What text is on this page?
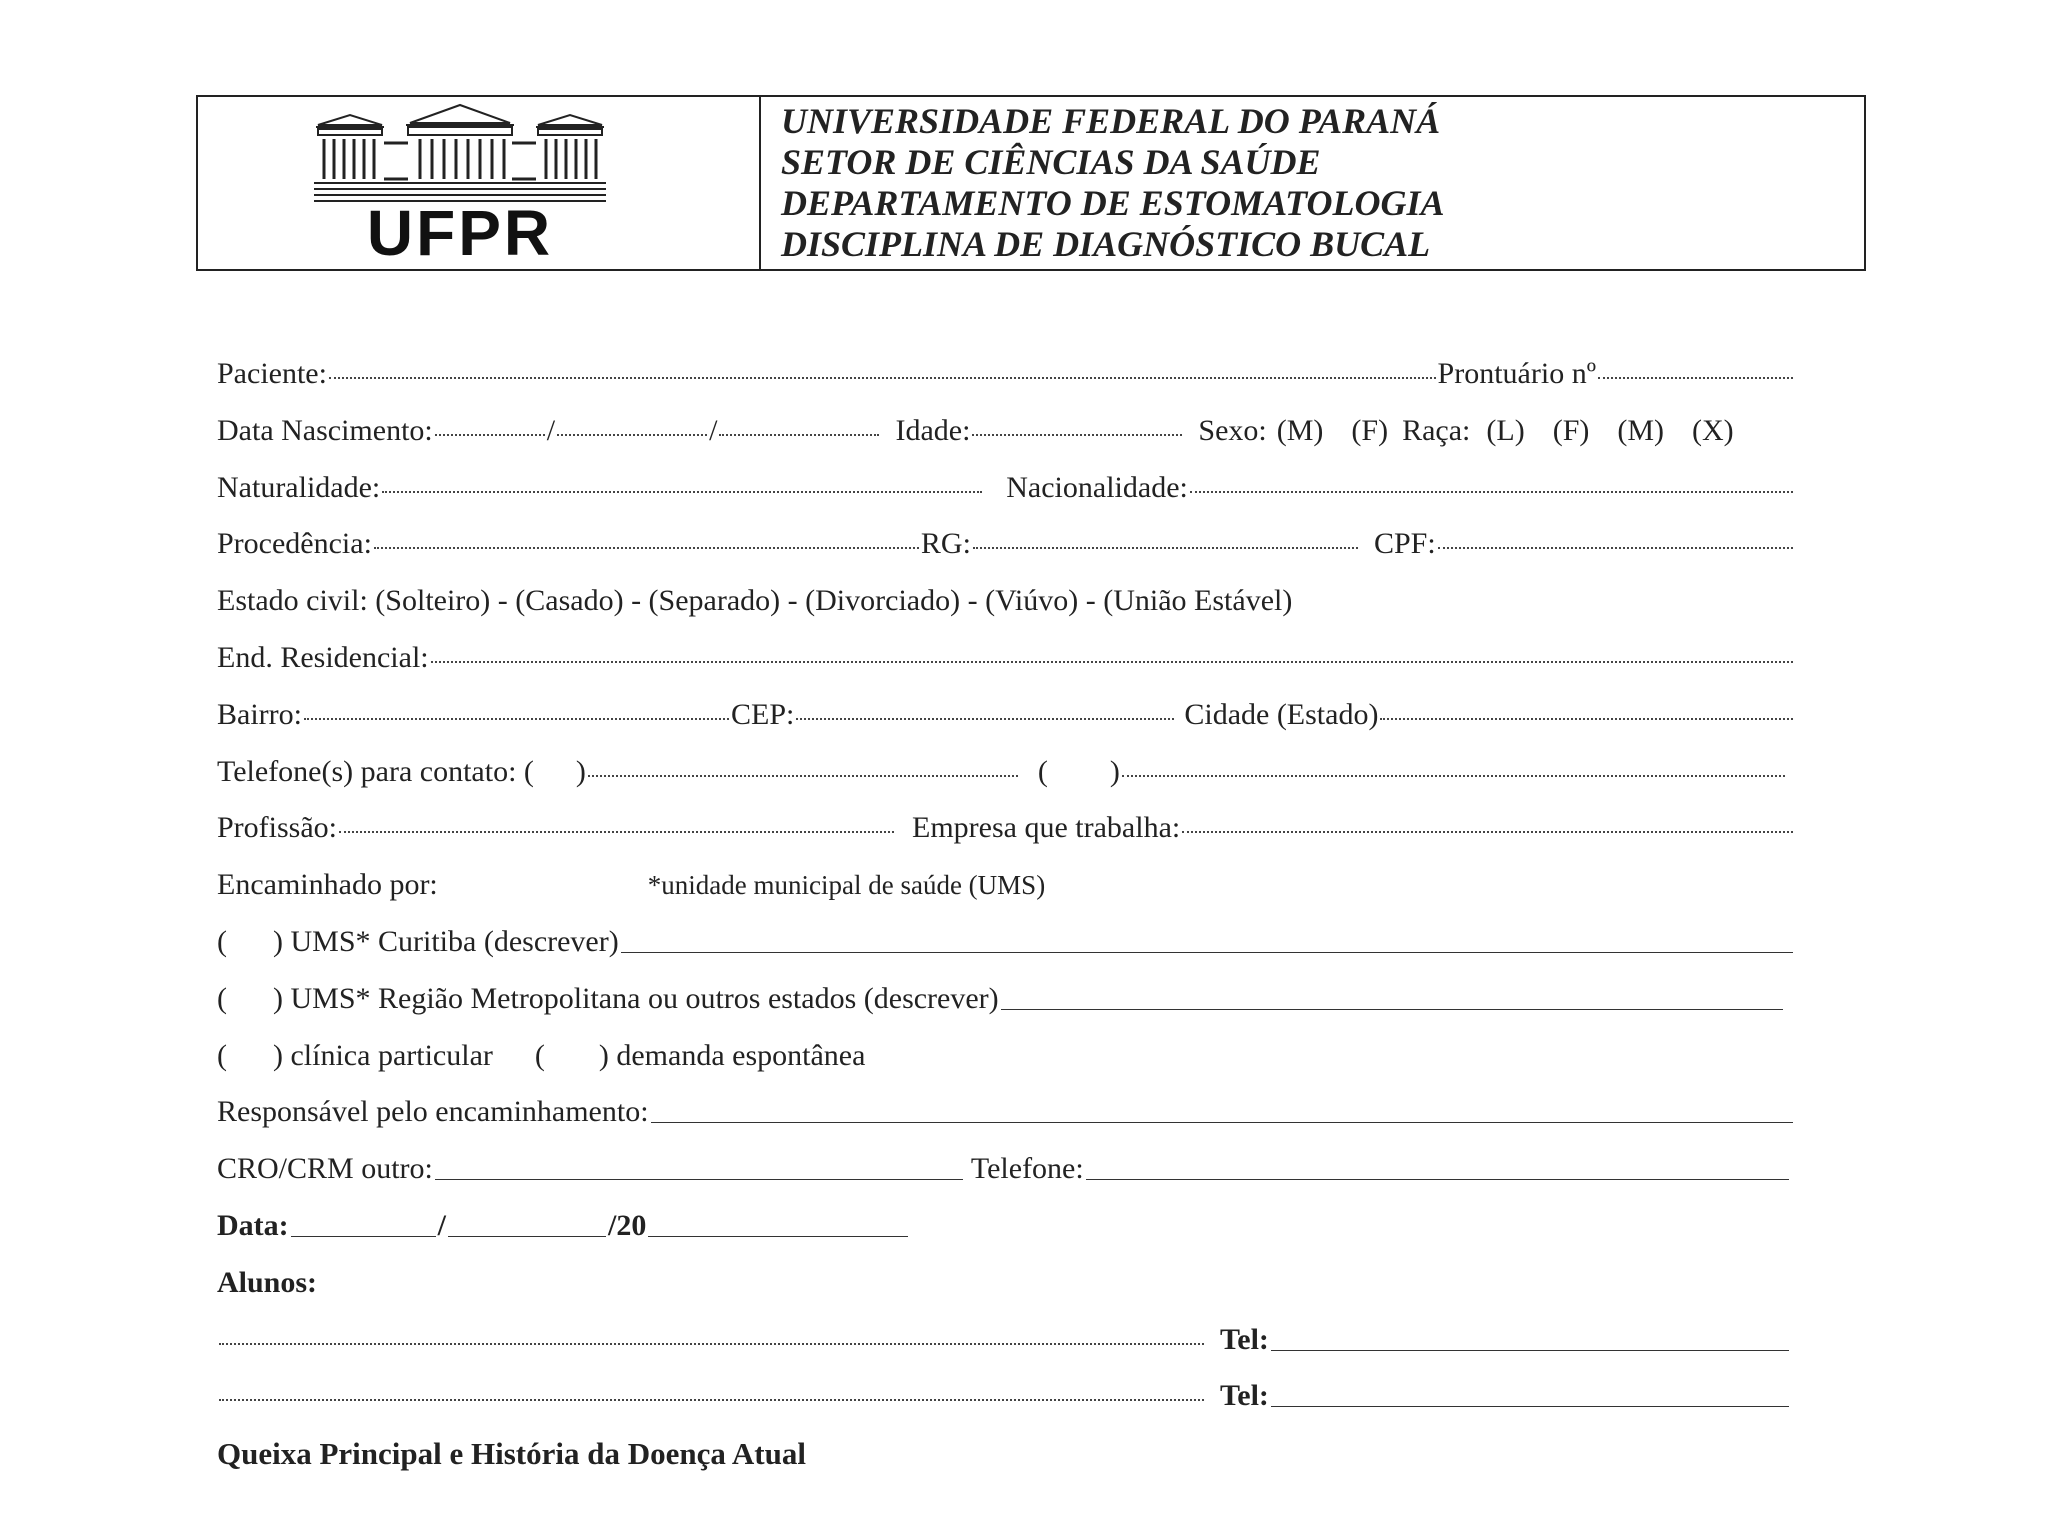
UFPR
UNIVERSIDADE FEDERAL DO PARANÁ
SETOR DE CIÊNCIAS DA SAÚDE
DEPARTAMENTO DE ESTOMATOLOGIA
DISCIPLINA DE DIAGNÓSTICO BUCAL
Paciente:	Prontuário nº
Data Nascimento:	/	/	Idade:	Sexo: (M) (F) Raça: (L) (F) (M) (X)
Naturalidade:	Nacionalidade:
Procedência:	RG:	CPF:
Estado civil: (Solteiro) - (Casado) - (Separado) - (Divorciado) - (Viúvo) - (União Estável)
End. Residencial:
Bairro:	CEP:	Cidade (Estado)
Telefone(s) para contato: ( )	( )
Profissão:	Empresa que trabalha:
Encaminhado por:	*unidade municipal de saúde (UMS)
( ) UMS* Curitiba (descrever)
( ) UMS* Região Metropolitana ou outros estados (descrever)
( ) clínica particular ( ) demanda espontânea
Responsável pelo encaminhamento:
CRO/CRM outro:	Telefone:
Data:	/	/20
Alunos:
Tel:
Tel:
Queixa Principal e História da Doença Atual
